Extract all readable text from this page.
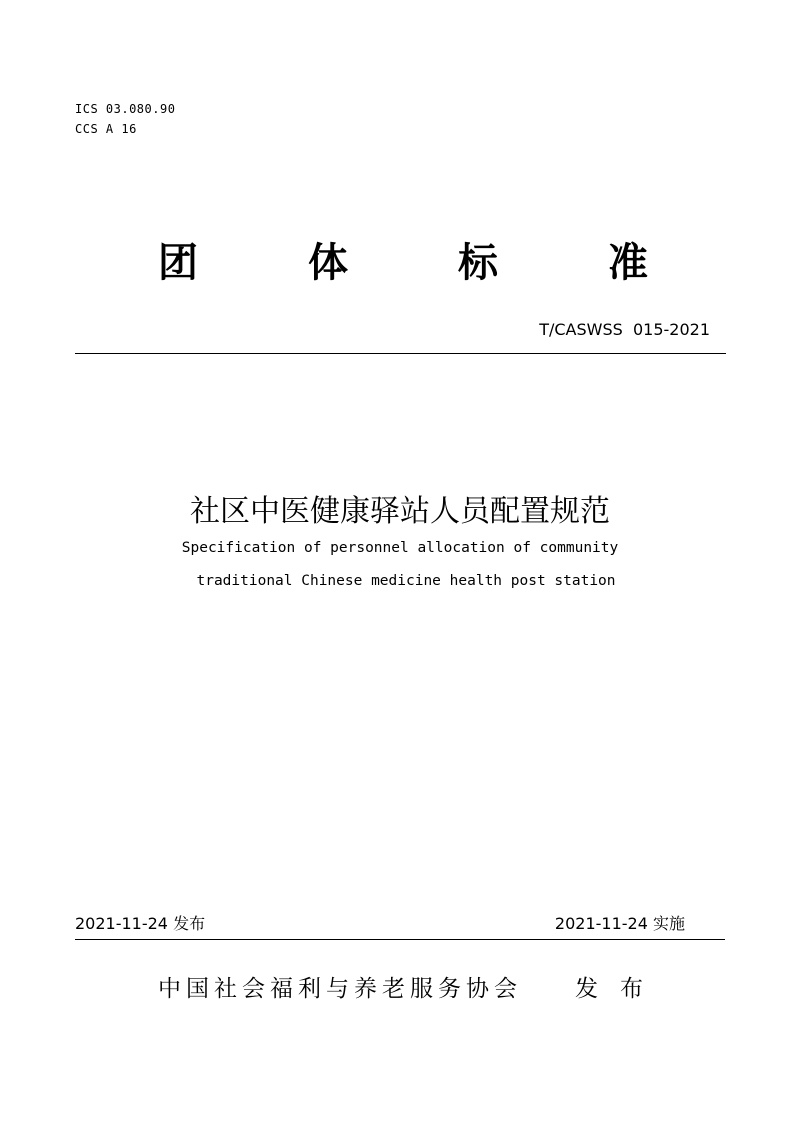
ICS 03.080.90
CCS A 16
团	体	标	准
T/CASWSS  015-2021
社区中医健康驿站人员配置规范
Specification of personnel allocation of community
traditional Chinese medicine health post station
2021-11-24 发布	2021-11-24 实施
中国社会福利与养老服务协会 发布
